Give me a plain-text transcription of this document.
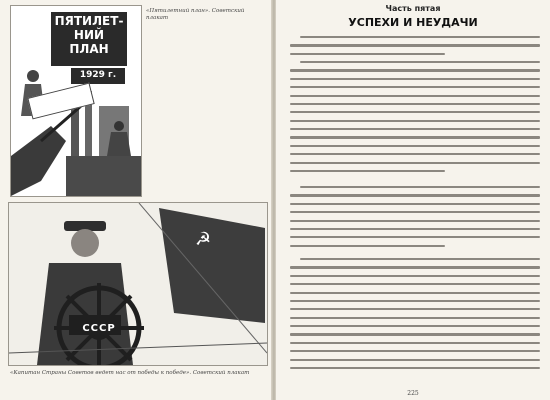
ПЯТИЛЕТ-НИЙ ПЛАН
1929 г.
«Пятилетний план». Советский плакат
☭
СССР
«Капитан Страны Советов ведет нас от победы к победе». Советский плакат
Часть пятая
УСПЕХИ И НЕУДАЧИ
225
